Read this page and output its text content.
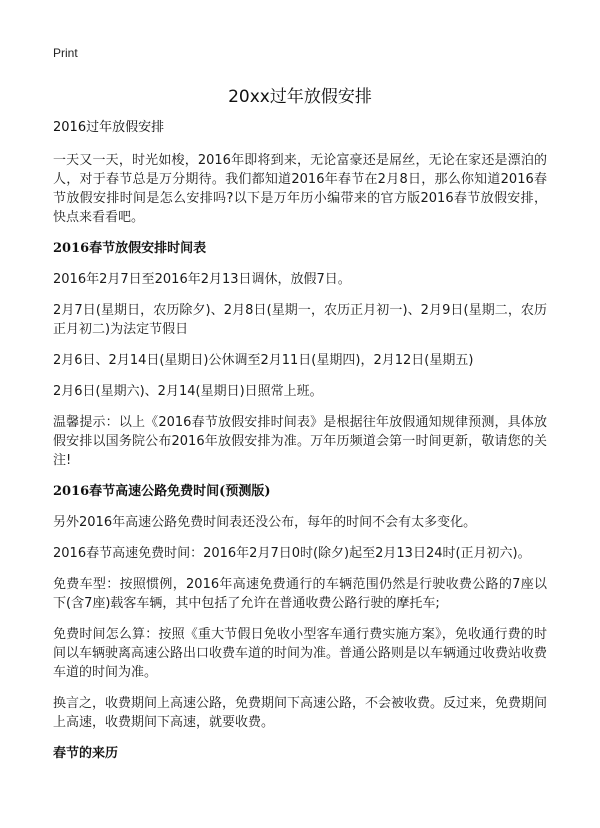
Print
20xx过年放假安排
2016过年放假安排

一天又一天，时光如梭，2016年即将到来，无论富豪还是屌丝，无论在家还是漂泊的人，对于春节总是万分期待。我们都知道2016年春节在2月8日，那么你知道2016春节放假安排时间是怎么安排吗?以下是万年历小编带来的官方版2016春节放假安排，快点来看看吧。

2016春节放假安排时间表

2016年2月7日至2016年2月13日调休，放假7日。

2月7日(星期日，农历除夕)、2月8日(星期一，农历正月初一)、2月9日(星期二，农历正月初二)为法定节假日

2月6日、2月14日(星期日)公休调至2月11日(星期四)，2月12日(星期五)

2月6日(星期六)、2月14(星期日)日照常上班。

温馨提示：以上《2016春节放假安排时间表》是根据往年放假通知规律预测，具体放假安排以国务院公布2016年放假安排为准。万年历频道会第一时间更新，敬请您的关注!

2016春节高速公路免费时间(预测版)

另外2016年高速公路免费时间表还没公布，每年的时间不会有太多变化。

2016春节高速免费时间：2016年2月7日0时(除夕)起至2月13日24时(正月初六)。

免费车型：按照惯例，2016年高速免费通行的车辆范围仍然是行驶收费公路的7座以下(含7座)载客车辆，其中包括了允许在普通收费公路行驶的摩托车;

免费时间怎么算：按照《重大节假日免收小型客车通行费实施方案》，免收通行费的时间以车辆驶离高速公路出口收费车道的时间为准。普通公路则是以车辆通过收费站收费车道的时间为准。

换言之，收费期间上高速公路，免费期间下高速公路，不会被收费。反过来，免费期间上高速，收费期间下高速，就要收费。

春节的来历
